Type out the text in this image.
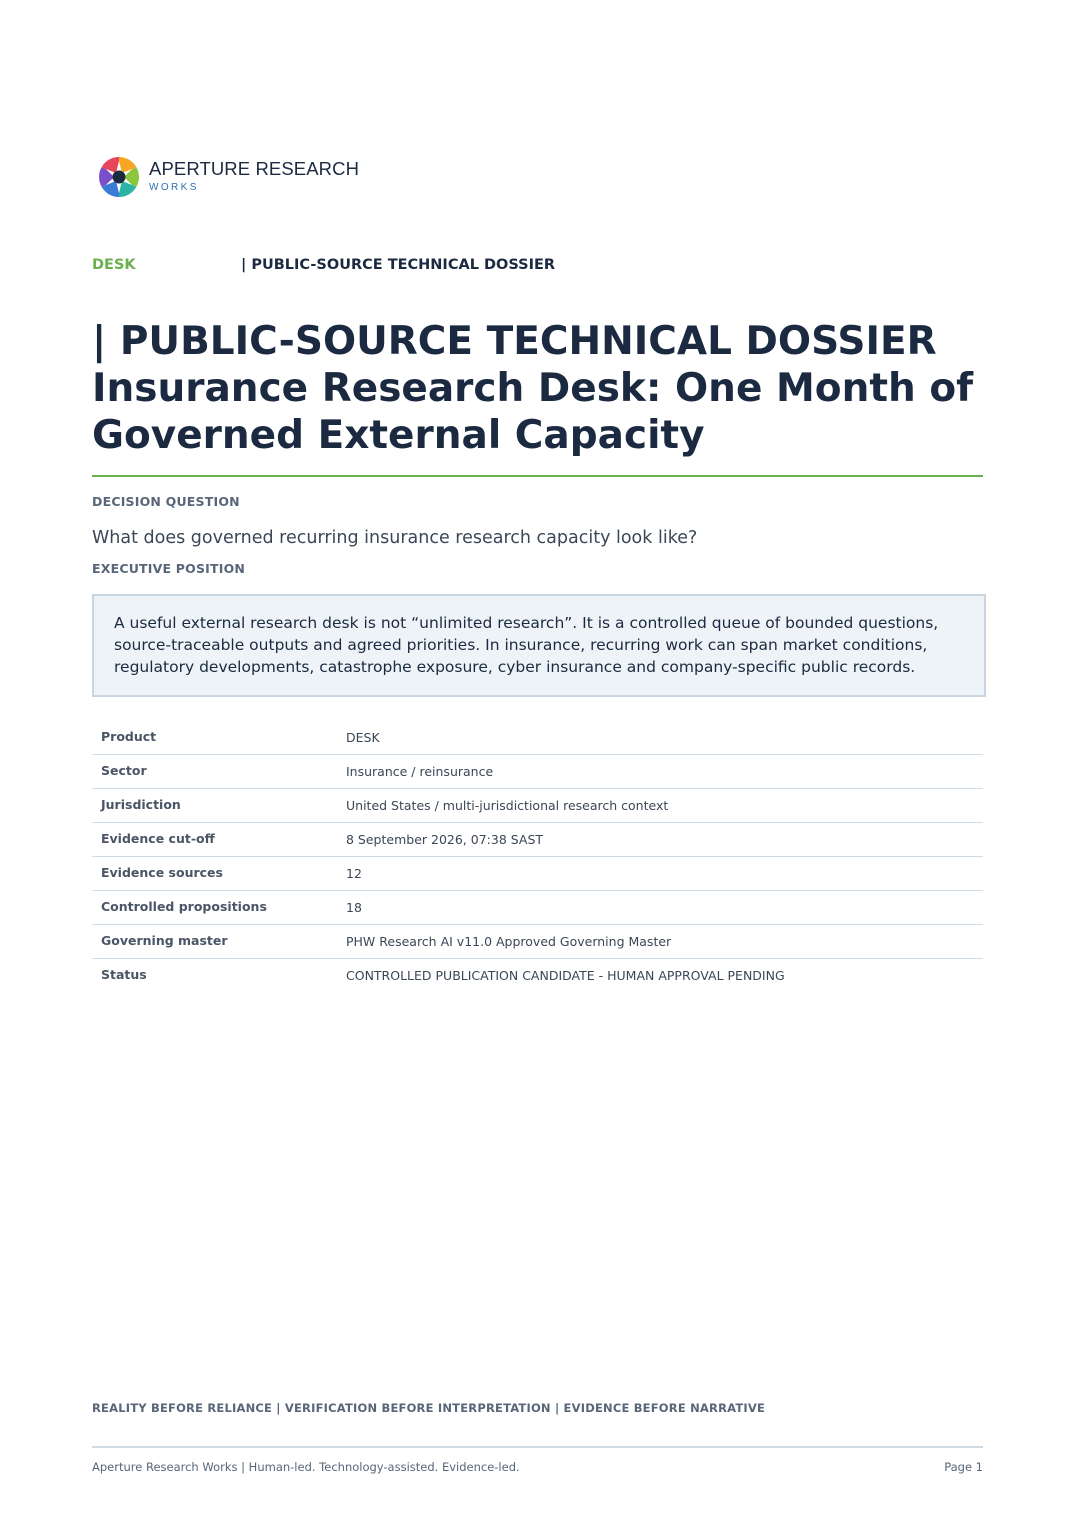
APERTURE RESEARCH
WORKS
DESK	| PUBLIC-SOURCE TECHNICAL DOSSIER
| PUBLIC-SOURCE TECHNICAL DOSSIER
Insurance Research Desk: One Month of
Governed External Capacity
DECISION QUESTION
What does governed recurring insurance research capacity look like?
EXECUTIVE POSITION
A useful external research desk is not “unlimited research”. It is a controlled queue of bounded questions, source-traceable outputs and agreed priorities. In insurance, recurring work can span market conditions, regulatory developments, catastrophe exposure, cyber insurance and company-specific public records.
Product	DESK
Sector	Insurance / reinsurance
Jurisdiction	United States / multi-jurisdictional research context
Evidence cut-off	8 September 2026, 07:38 SAST
Evidence sources	12
Controlled propositions	18
Governing master	PHW Research AI v11.0 Approved Governing Master
Status	CONTROLLED PUBLICATION CANDIDATE - HUMAN APPROVAL PENDING
REALITY BEFORE RELIANCE | VERIFICATION BEFORE INTERPRETATION | EVIDENCE BEFORE NARRATIVE
Aperture Research Works | Human-led. Technology-assisted. Evidence-led.	Page 1
